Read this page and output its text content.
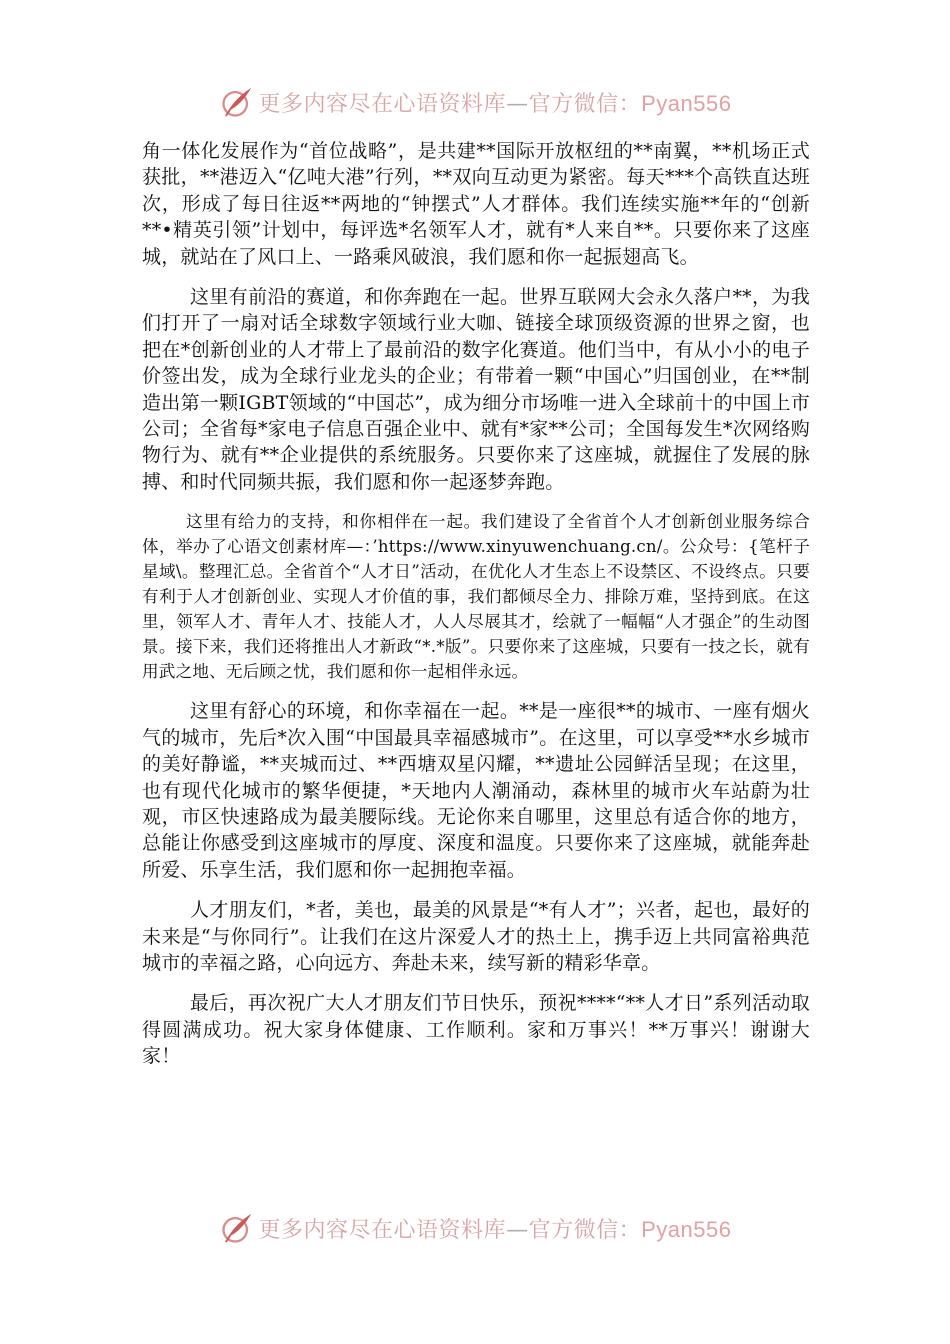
更多内容尽在心语资料库—官方微信：Pyan556

角一体化发展作为“首位战略”，是共建**国际开放枢纽的**南翼，**机场正式获批，**港迈入“亿吨大港”行列，**双向互动更为紧密。每天***个高铁直达班次，形成了每日往返**两地的“钟摆式”人才群体。我们连续实施**年的“创新**•精英引领”计划中，每评选*名领军人才，就有*人来自**。只要你来了这座城，就站在了风口上、一路乘风破浪，我们愿和你一起振翅高飞。

这里有前沿的赛道，和你奔跑在一起。世界互联网大会永久落户**，为我们打开了一扇对话全球数字领域行业大咖、链接全球顶级资源的世界之窗，也把在*创新创业的人才带上了最前沿的数字化赛道。他们当中，有从小小的电子价签出发，成为全球行业龙头的企业；有带着一颗“中国心”归国创业，在**制造出第一颗IGBT领域的“中国芯”，成为细分市场唯一进入全球前十的中国上市公司；全省每*家电子信息百强企业中、就有*家**公司；全国每发生*次网络购物行为、就有**企业提供的系统服务。只要你来了这座城，就握住了发展的脉搏、和时代同频共振，我们愿和你一起逐梦奔跑。

这里有给力的支持，和你相伴在一起。我们建设了全省首个人才创新创业服务综合体，举办了心语文创素材库—：’https://www.xinyuwenchuang.cn/。公众号：{笔杆子星域\。整理汇总。全省首个“人才日”活动，在优化人才生态上不设禁区、不设终点。只要有利于人才创新创业、实现人才价值的事，我们都倾尽全力、排除万难，坚持到底。在这里，领军人才、青年人才、技能人才，人人尽展其才，绘就了一幅幅“人才强企”的生动图景。接下来，我们还将推出人才新政“*.*版”。只要你来了这座城，只要有一技之长，就有用武之地、无后顾之忧，我们愿和你一起相伴永远。

这里有舒心的环境，和你幸福在一起。**是一座很**的城市、一座有烟火气的城市，先后*次入围“中国最具幸福感城市”。在这里，可以享受**水乡城市的美好静谧，**夹城而过、**西塘双星闪耀，**遗址公园鲜活呈现；在这里，也有现代化城市的繁华便捷，*天地内人潮涌动，森林里的城市火车站蔚为壮观，市区快速路成为最美腰际线。无论你来自哪里，这里总有适合你的地方，总能让你感受到这座城市的厚度、深度和温度。只要你来了这座城，就能奔赴所爱、乐享生活，我们愿和你一起拥抱幸福。

人才朋友们，*者，美也，最美的风景是“*有人才”；兴者，起也，最好的未来是“与你同行”。让我们在这片深爱人才的热土上，携手迈上共同富裕典范城市的幸福之路，心向远方、奔赴未来，续写新的精彩华章。

最后，再次祝广大人才朋友们节日快乐，预祝****“**人才日”系列活动取得圆满成功。祝大家身体健康、工作顺利。家和万事兴！**万事兴！谢谢大家！

更多内容尽在心语资料库—官方微信：Pyan556
